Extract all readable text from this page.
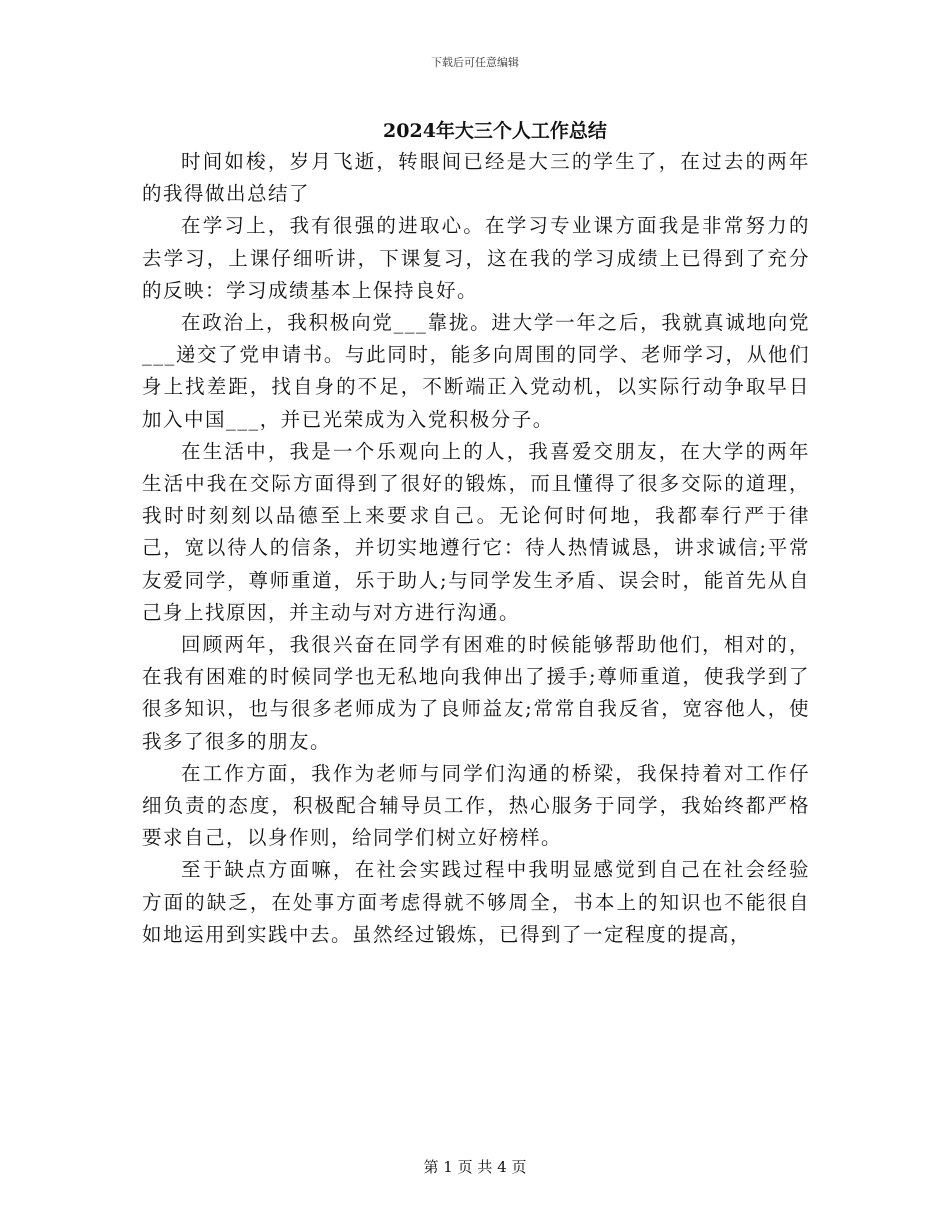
下载后可任意编辑
2024年大三个人工作总结

时间如梭，岁月飞逝，转眼间已经是大三的学生了，在过去的两年的我得做出总结了

在学习上，我有很强的进取心。在学习专业课方面我是非常努力的去学习，上课仔细听讲，下课复习，这在我的学习成绩上已得到了充分的反映：学习成绩基本上保持良好。

在政治上，我积极向党___靠拢。进大学一年之后，我就真诚地向党___递交了党申请书。与此同时，能多向周围的同学、老师学习，从他们身上找差距，找自身的不足，不断端正入党动机，以实际行动争取早日加入中国___，并已光荣成为入党积极分子。

在生活中，我是一个乐观向上的人，我喜爱交朋友，在大学的两年生活中我在交际方面得到了很好的锻炼，而且懂得了很多交际的道理，我时时刻刻以品德至上来要求自己。无论何时何地，我都奉行严于律己，宽以待人的信条，并切实地遵行它：待人热情诚恳，讲求诚信;平常友爱同学，尊师重道，乐于助人;与同学发生矛盾、误会时，能首先从自己身上找原因，并主动与对方进行沟通。

回顾两年，我很兴奋在同学有困难的时候能够帮助他们，相对的，在我有困难的时候同学也无私地向我伸出了援手;尊师重道，使我学到了很多知识，也与很多老师成为了良师益友;常常自我反省，宽容他人，使我多了很多的朋友。

在工作方面，我作为老师与同学们沟通的桥梁，我保持着对工作仔细负责的态度，积极配合辅导员工作，热心服务于同学，我始终都严格要求自己，以身作则，给同学们树立好榜样。

至于缺点方面嘛，在社会实践过程中我明显感觉到自己在社会经验方面的缺乏，在处事方面考虑得就不够周全，书本上的知识也不能很自如地运用到实践中去。虽然经过锻炼，已得到了一定程度的提高，

第 1 页 共 4 页
